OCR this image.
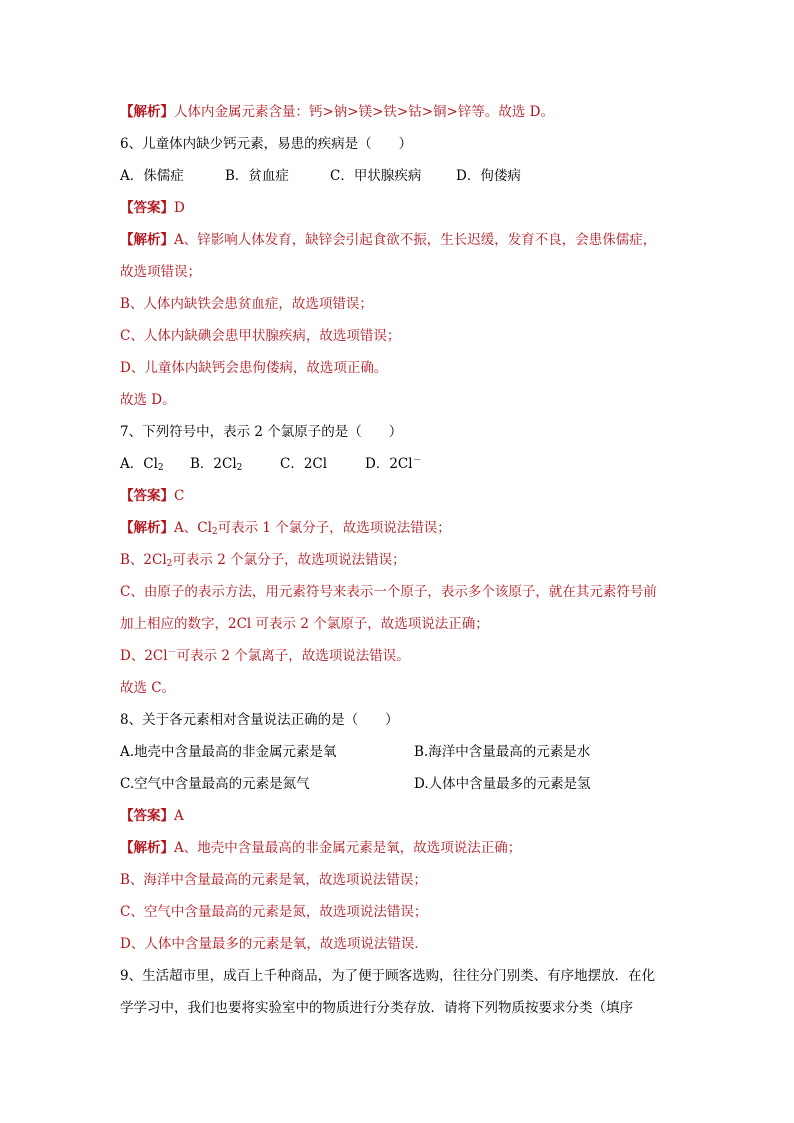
【解析】人体内金属元素含量：钙>钠>镁>铁>钴>铜>锌等。故选 D。
6、儿童体内缺少钙元素，易患的疾病是（　　）
A．侏儒症	B．贫血症	C．甲状腺疾病	D．佝偻病
【答案】D
【解析】A、锌影响人体发育，缺锌会引起食欲不振，生长迟缓，发育不良，会患侏儒症，
故选项错误；
B、人体内缺铁会患贫血症，故选项错误；
C、人体内缺碘会患甲状腺疾病，故选项错误；
D、儿童体内缺钙会患佝偻病，故选项正确。
故选 D。
7、下列符号中，表示 2 个氯原子的是（　　）
A．$Cl_2$ B．$2Cl_2$	C．2Cl	D．2Cl－
【答案】C
【解析】A、$Cl_2$可表示 1 个氯分子，故选项说法错误；
B、$2Cl_2$可表示 2 个氯分子，故选项说法错误；
C、由原子的表示方法，用元素符号来表示一个原子，表示多个该原子，就在其元素符号前
加上相应的数字，2Cl 可表示 2 个氯原子，故选项说法正确；
D、2Cl－可表示 2 个氯离子，故选项说法错误。
故选 C。
8、关于各元素相对含量说法正确的是（　　）
A.地壳中含量最高的非金属元素是氧	B.海洋中含量最高的元素是水
C.空气中含量最高的元素是氮气	D.人体中含量最多的元素是氢
【答案】A
【解析】A、地壳中含量最高的非金属元素是氧，故选项说法正确；
B、海洋中含量最高的元素是氧，故选项说法错误；
C、空气中含量最高的元素是氮，故选项说法错误；
D、人体中含量最多的元素是氧，故选项说法错误．
9、生活超市里，成百上千种商品，为了便于顾客选购，往往分门别类、有序地摆放．在化
学学习中，我们也要将实验室中的物质进行分类存放．请将下列物质按要求分类（填序
